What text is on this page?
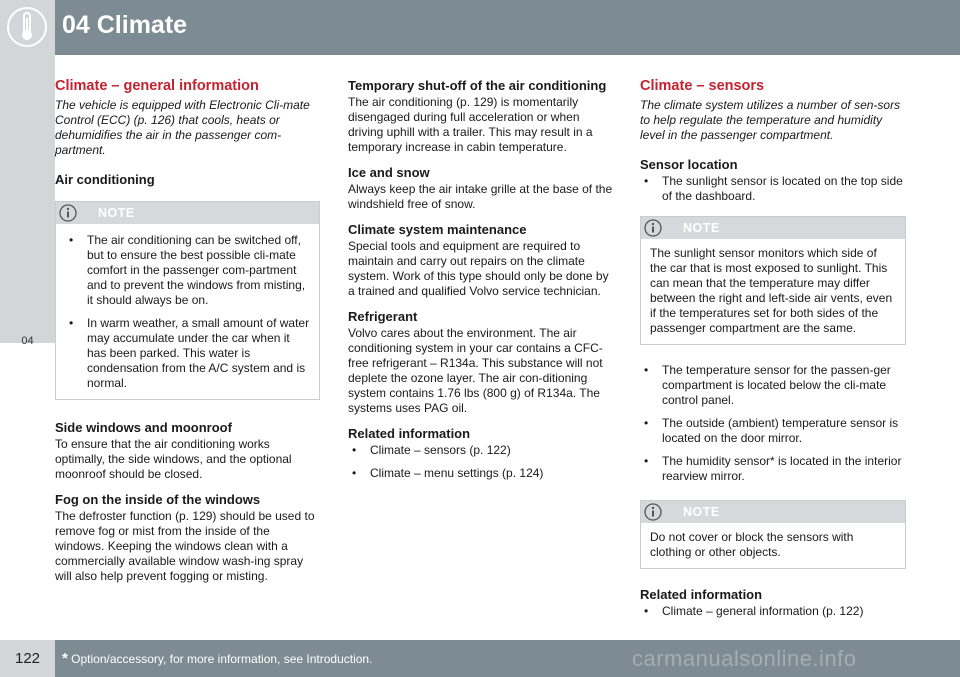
04 Climate
04
Climate – general information

The vehicle is equipped with Electronic Cli-mate Control (ECC) (p. 126) that cools, heats or dehumidifies the air in the passenger com-partment.

Air conditioning
NOTE
• The air conditioning can be switched off, but to ensure the best possible cli-mate comfort in the passenger com-partment and to prevent the windows from misting, it should always be on.
• In warm weather, a small amount of water may accumulate under the car when it has been parked. This water is condensation from the A/C system and is normal.
Side windows and moonroof

To ensure that the air conditioning works optimally, the side windows, and the optional moonroof should be closed.

Fog on the inside of the windows

The defroster function (p. 129) should be used to remove fog or mist from the inside of the windows. Keeping the windows clean with a commercially available window wash-ing spray will also help prevent fogging or misting.

Temporary shut-off of the air conditioning

The air conditioning (p. 129) is momentarily disengaged during full acceleration or when driving uphill with a trailer. This may result in a temporary increase in cabin temperature.

Ice and snow

Always keep the air intake grille at the base of the windshield free of snow.

Climate system maintenance

Special tools and equipment are required to maintain and carry out repairs on the climate system. Work of this type should only be done by a trained and qualified Volvo service technician.

Refrigerant

Volvo cares about the environment. The air conditioning system in your car contains a CFC-free refrigerant – R134a. This substance will not deplete the ozone layer. The air con-ditioning system contains 1.76 lbs (800 g) of R134a. The systems uses PAG oil.

Related information
• Climate – sensors (p. 122)
• Climate – menu settings (p. 124)
Climate – sensors

The climate system utilizes a number of sen-sors to help regulate the temperature and humidity level in the passenger compartment.

Sensor location
• The sunlight sensor is located on the top side of the dashboard.
NOTE

The sunlight sensor monitors which side of the car that is most exposed to sunlight. This can mean that the temperature may differ between the right and left-side air vents, even if the temperatures set for both sides of the passenger compartment are the same.

• The temperature sensor for the passen-ger compartment is located below the cli-mate control panel.
• The outside (ambient) temperature sensor is located on the door mirror.
• The humidity sensor* is located in the interior rearview mirror.
NOTE

Do not cover or block the sensors with clothing or other objects.

Related information
• Climate – general information (p. 122)
122	* Option/accessory, for more information, see Introduction.	carmanualsonline.info
